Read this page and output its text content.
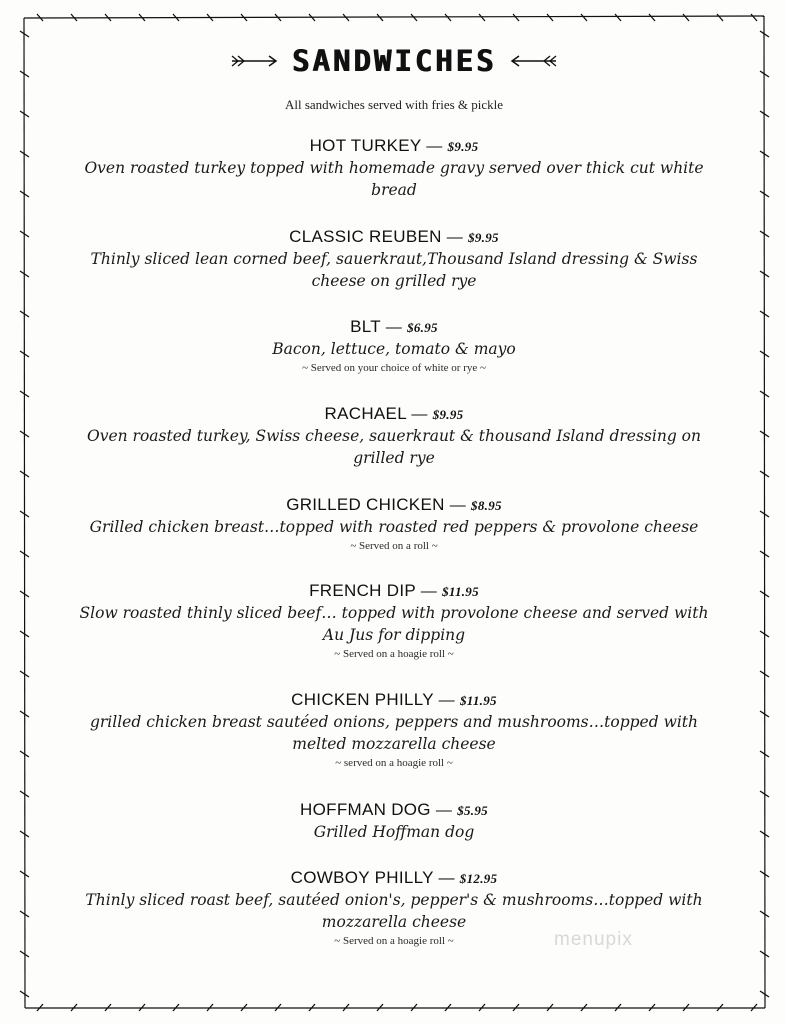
SANDWICHES
All sandwiches served with fries & pickle
HOT TURKEY — $9.95
Oven roasted turkey topped with homemade gravy served over thick cut white bread
CLASSIC REUBEN — $9.95
Thinly sliced lean corned beef, sauerkraut,Thousand Island dressing & Swiss cheese on grilled rye
BLT — $6.95
Bacon, lettuce, tomato & mayo
~ Served on your choice of white or rye ~
RACHAEL — $9.95
Oven roasted turkey, Swiss cheese, sauerkraut & thousand Island dressing on grilled rye
GRILLED CHICKEN — $8.95
Grilled chicken breast…topped with roasted red peppers & provolone cheese
~ Served on a roll ~
FRENCH DIP — $11.95
Slow roasted thinly sliced beef… topped with provolone cheese and served with Au Jus for dipping
~ Served on a hoagie roll ~
CHICKEN PHILLY — $11.95
grilled chicken breast sautéed onions, peppers and mushrooms…topped with melted mozzarella cheese
~ served on a hoagie roll ~
HOFFMAN DOG — $5.95
Grilled Hoffman dog
COWBOY PHILLY — $12.95
Thinly sliced roast beef, sautéed onion's, pepper's & mushrooms…topped with mozzarella cheese
~ Served on a hoagie roll ~	menupix
